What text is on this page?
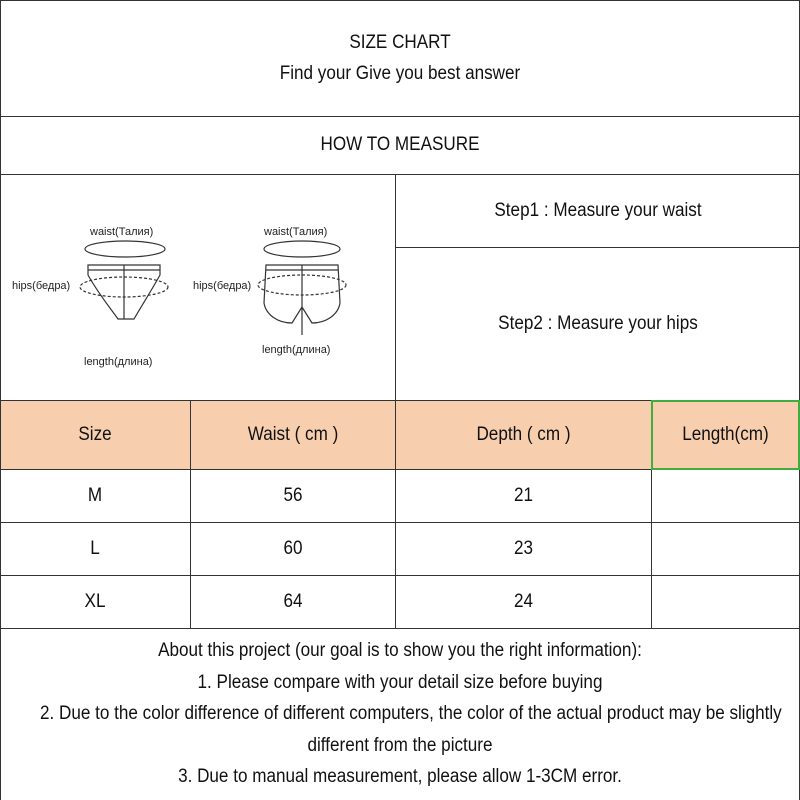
SIZE CHART
Find your Give you best answer
HOW TO MEASURE
waist(Талия)
hips(бедра)
length(длина)
waist(Талия)
hips(бедра)
length(длина)
Step1 : Measure your waist
Step2 : Measure your hips
Size	Waist ( cm )	Depth ( cm )	Length(cm)
M	56	21
L	60	23
XL	64	24
About this project (our goal is to show you the right information):
1. Please compare with your detail size before buying
2. Due to the color difference of different computers, the color of the actual product may be slightly
different from the picture
3. Due to manual measurement, please allow 1-3CM error.
